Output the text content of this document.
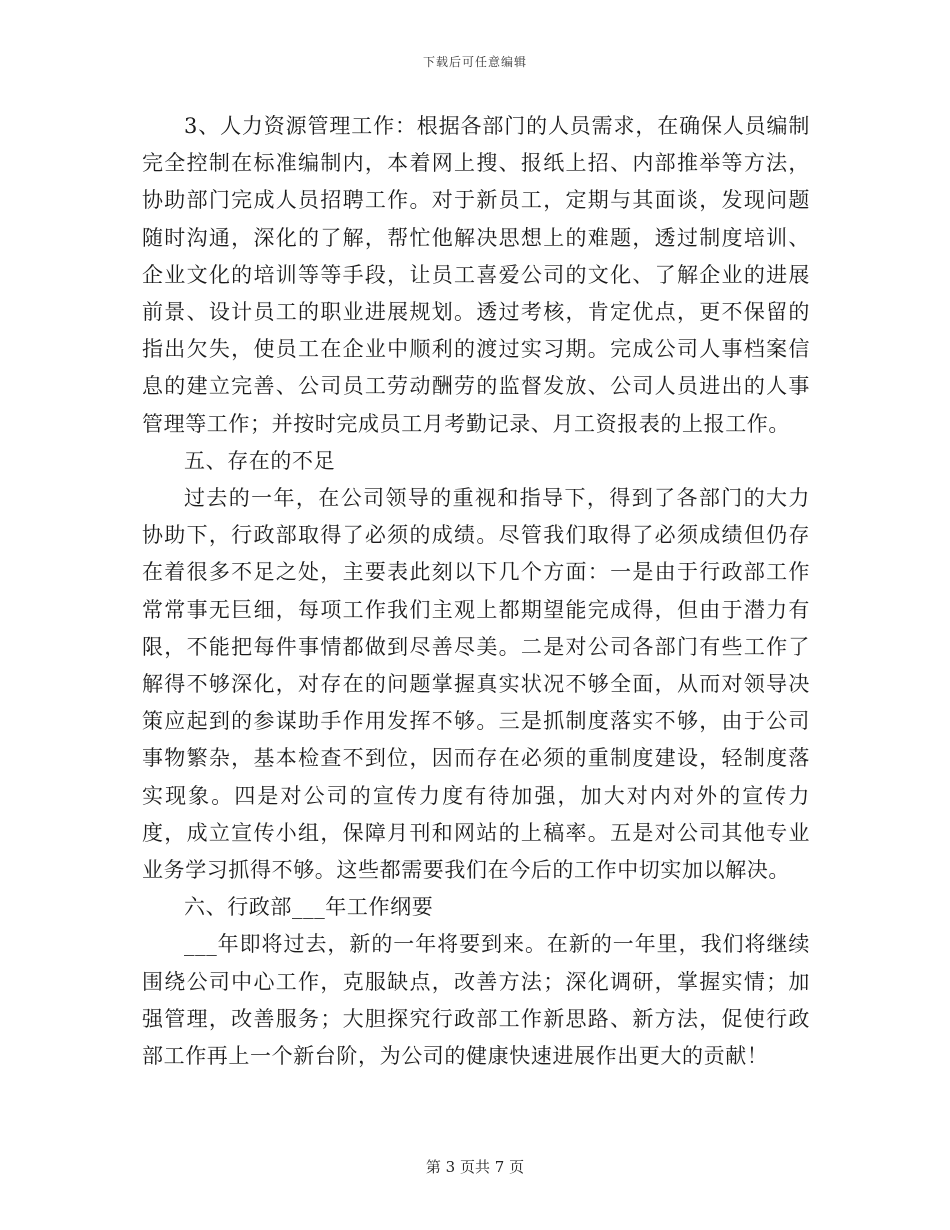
下载后可任意编辑

3、人力资源管理工作：根据各部门的人员需求，在确保人员编制完全控制在标准编制内，本着网上搜、报纸上招、内部推举等方法，协助部门完成人员招聘工作。对于新员工，定期与其面谈，发现问题随时沟通，深化的了解，帮忙他解决思想上的难题，透过制度培训、企业文化的培训等等手段，让员工喜爱公司的文化、了解企业的进展前景、设计员工的职业进展规划。透过考核，肯定优点，更不保留的指出欠失，使员工在企业中顺利的渡过实习期。完成公司人事档案信息的建立完善、公司员工劳动酬劳的监督发放、公司人员进出的人事管理等工作；并按时完成员工月考勤记录、月工资报表的上报工作。

五、存在的不足

过去的一年，在公司领导的重视和指导下，得到了各部门的大力协助下，行政部取得了必须的成绩。尽管我们取得了必须成绩但仍存在着很多不足之处，主要表此刻以下几个方面：一是由于行政部工作常常事无巨细，每项工作我们主观上都期望能完成得，但由于潜力有限，不能把每件事情都做到尽善尽美。二是对公司各部门有些工作了解得不够深化，对存在的问题掌握真实状况不够全面，从而对领导决策应起到的参谋助手作用发挥不够。三是抓制度落实不够，由于公司事物繁杂，基本检查不到位，因而存在必须的重制度建设，轻制度落实现象。四是对公司的宣传力度有待加强，加大对内对外的宣传力度，成立宣传小组，保障月刊和网站的上稿率。五是对公司其他专业业务学习抓得不够。这些都需要我们在今后的工作中切实加以解决。

六、行政部___年工作纲要

___年即将过去，新的一年将要到来。在新的一年里，我们将继续围绕公司中心工作，克服缺点，改善方法；深化调研，掌握实情；加强管理，改善服务；大胆探究行政部工作新思路、新方法，促使行政部工作再上一个新台阶，为公司的健康快速进展作出更大的贡献！

第 3 页共 7 页
